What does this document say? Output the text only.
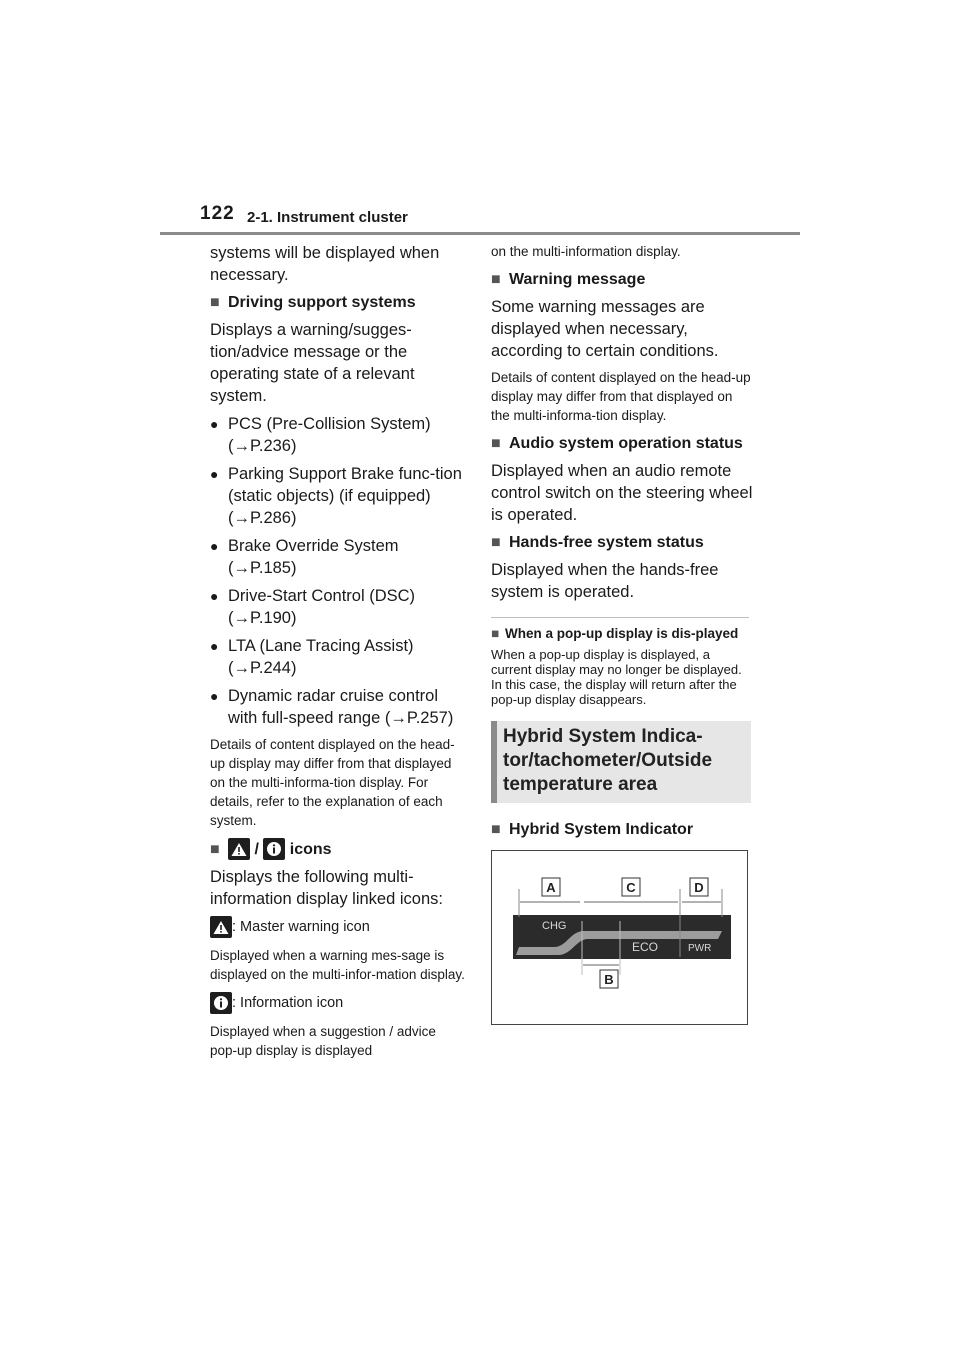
122 2-1. Instrument cluster

systems will be displayed when necessary.

■ Driving support systems

Displays a warning/sugges-tion/advice message or the operating state of a relevant system.

● PCS (Pre-Collision System) (→P.236)
● Parking Support Brake func-tion (static objects) (if equipped) (→P.286)
● Brake Override System (→P.185)
● Drive-Start Control (DSC) (→P.190)
● LTA (Lane Tracing Assist) (→P.244)
● Dynamic radar cruise control with full-speed range (→P.257)

Details of content displayed on the head-up display may differ from that displayed on the multi-informa-tion display. For details, refer to the explanation of each system.

■	/ icons

Displays the following multi-information display linked icons:

: Master warning icon

Displayed when a warning mes-sage is displayed on the multi-infor-mation display.

: Information icon

Displayed when a suggestion / advice pop-up display is displayed

on the multi-information display.

■ Warning message

Some warning messages are displayed when necessary, according to certain conditions.

Details of content displayed on the head-up display may differ from that displayed on the multi-informa-tion display.

■ Audio system operation status

Displayed when an audio remote control switch on the steering wheel is operated.

■ Hands-free system status

Displayed when the hands-free system is operated.

■ When a pop-up display is dis-played

When a pop-up display is displayed, a current display may no longer be displayed. In this case, the display will return after the pop-up display disappears.

Hybrid System Indica-tor/tachometer/Outside temperature area
■ Hybrid System Indicator
A	C	D
B
CHG
ECO	PWR
